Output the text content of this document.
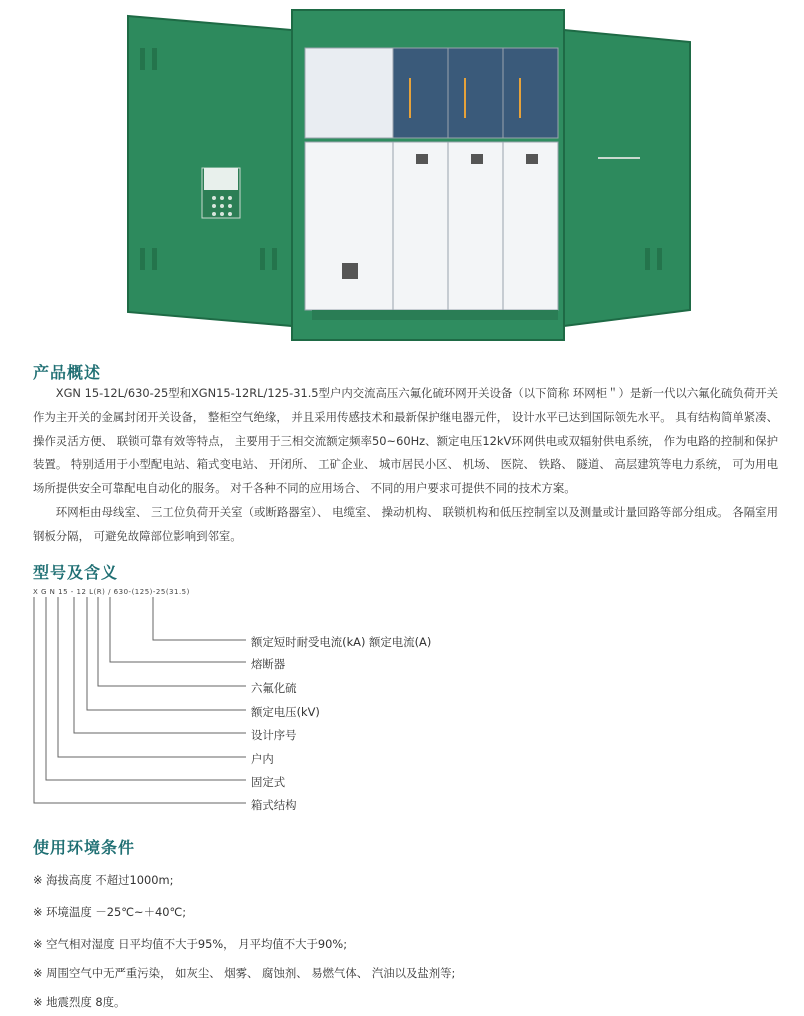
产品概述

XGN 15-12L/630-25型和XGN15-12RL/125-31.5型户内交流高压六氟化硫环网开关设备（以下简称 环网柜＂）是新一代以六氟化硫负荷开关作为主开关的金属封闭开关设备， 整柜空气绝缘， 并且采用传感技术和最新保护继电器元件， 设计水平已达到国际领先水平。 具有结构简单紧凑、 操作灵活方便、 联锁可靠有效等特点， 主要用于三相交流额定频率50~60Hz、额定电压12kV环网供电或双辐射供电系统， 作为电路的控制和保护装置。 特别适用于小型配电站、箱式变电站、 开闭所、 工矿企业、 城市居民小区、 机场、 医院、 铁路、 隧道、 高层建筑等电力系统， 可为用电场所提供安全可靠配电自动化的服务。 对千各种不同的应用场合、 不同的用户要求可提供不同的技术方案。

环网柜由母线室、 三工位负荷开关室（或断路器室）、 电缆室、 操动机构、 联锁机构和低压控制室以及测量或计量回路等部分组成。 各隔室用钢板分隔， 可避免故障部位影响到邻室。

型号及含义
X G N 15 - 12 L(R) / 630-(125)-25(31.5)
额定短时耐受电流(kA) 额定电流(A)
熔断器
六氟化硫
额定电压(kV)
设计序号
户内
固定式
箱式结构
使用环境条件
※ 海拔高度 不超过1000m;
※ 环境温度 －25℃~＋40℃;
※ 空气相对湿度 日平均值不大于95%， 月平均值不大于90%;
※ 周围空气中无严重污染， 如灰尘、 烟雾、 腐蚀剂、 易燃气体、 汽油以及盐剂等;
※ 地震烈度 8度。
